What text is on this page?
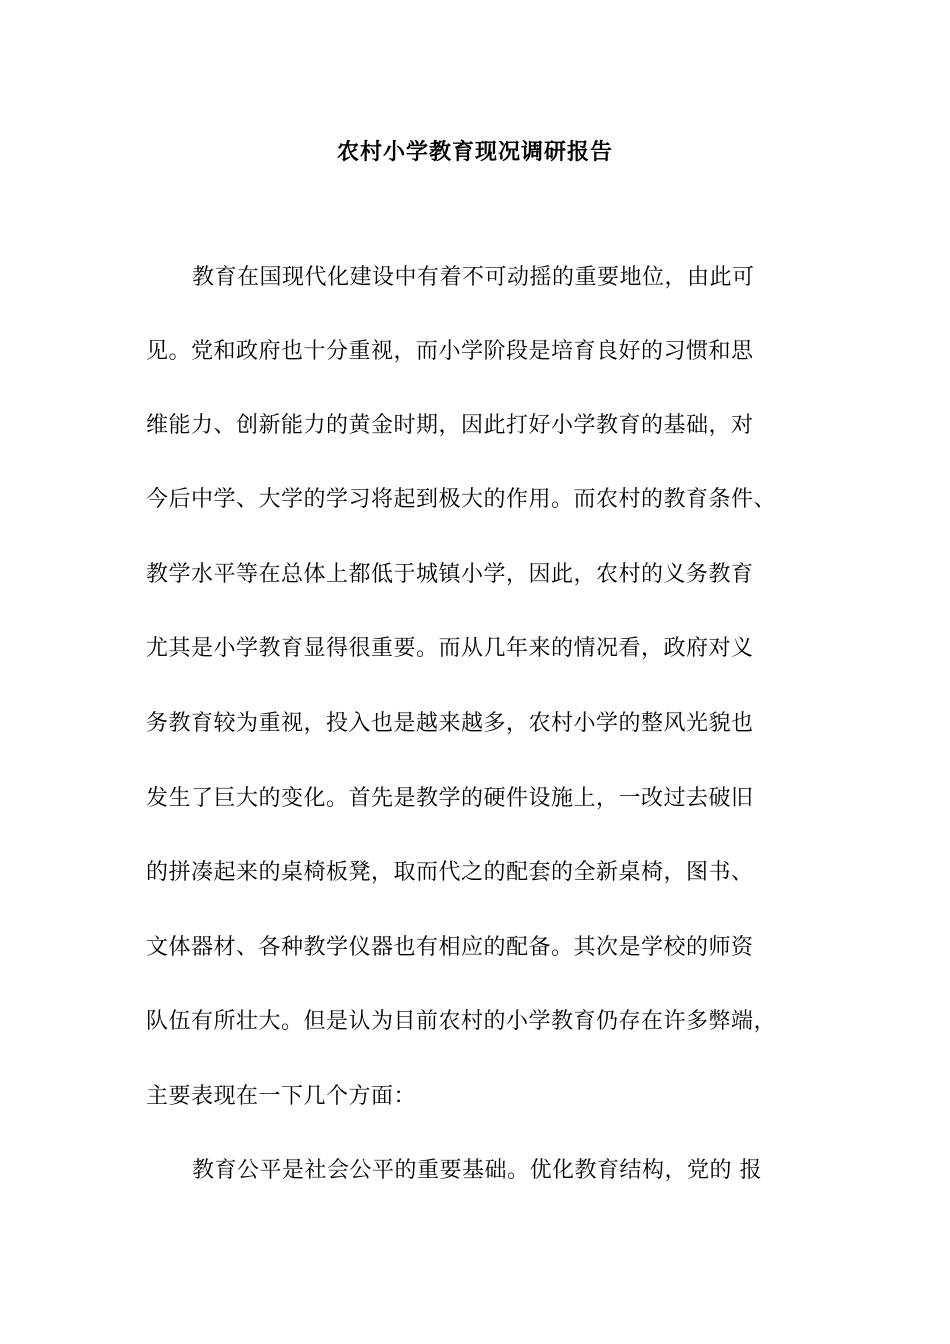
农村小学教育现况调研报告
教育在国现代化建设中有着不可动摇的重要地位，由此可
见。党和政府也十分重视，而小学阶段是培育良好的习惯和思
维能力、创新能力的黄金时期，因此打好小学教育的基础，对
今后中学、大学的学习将起到极大的作用。而农村的教育条件、
教学水平等在总体上都低于城镇小学，因此，农村的义务教育
尤其是小学教育显得很重要。而从几年来的情况看，政府对义
务教育较为重视，投入也是越来越多，农村小学的整风光貌也
发生了巨大的变化。首先是教学的硬件设施上，一改过去破旧
的拼凑起来的桌椅板凳，取而代之的配套的全新桌椅，图书、
文体器材、各种教学仪器也有相应的配备。其次是学校的师资
队伍有所壮大。但是认为目前农村的小学教育仍存在许多弊端，
主要表现在一下几个方面：
教育公平是社会公平的重要基础。优化教育结构，党的 报
